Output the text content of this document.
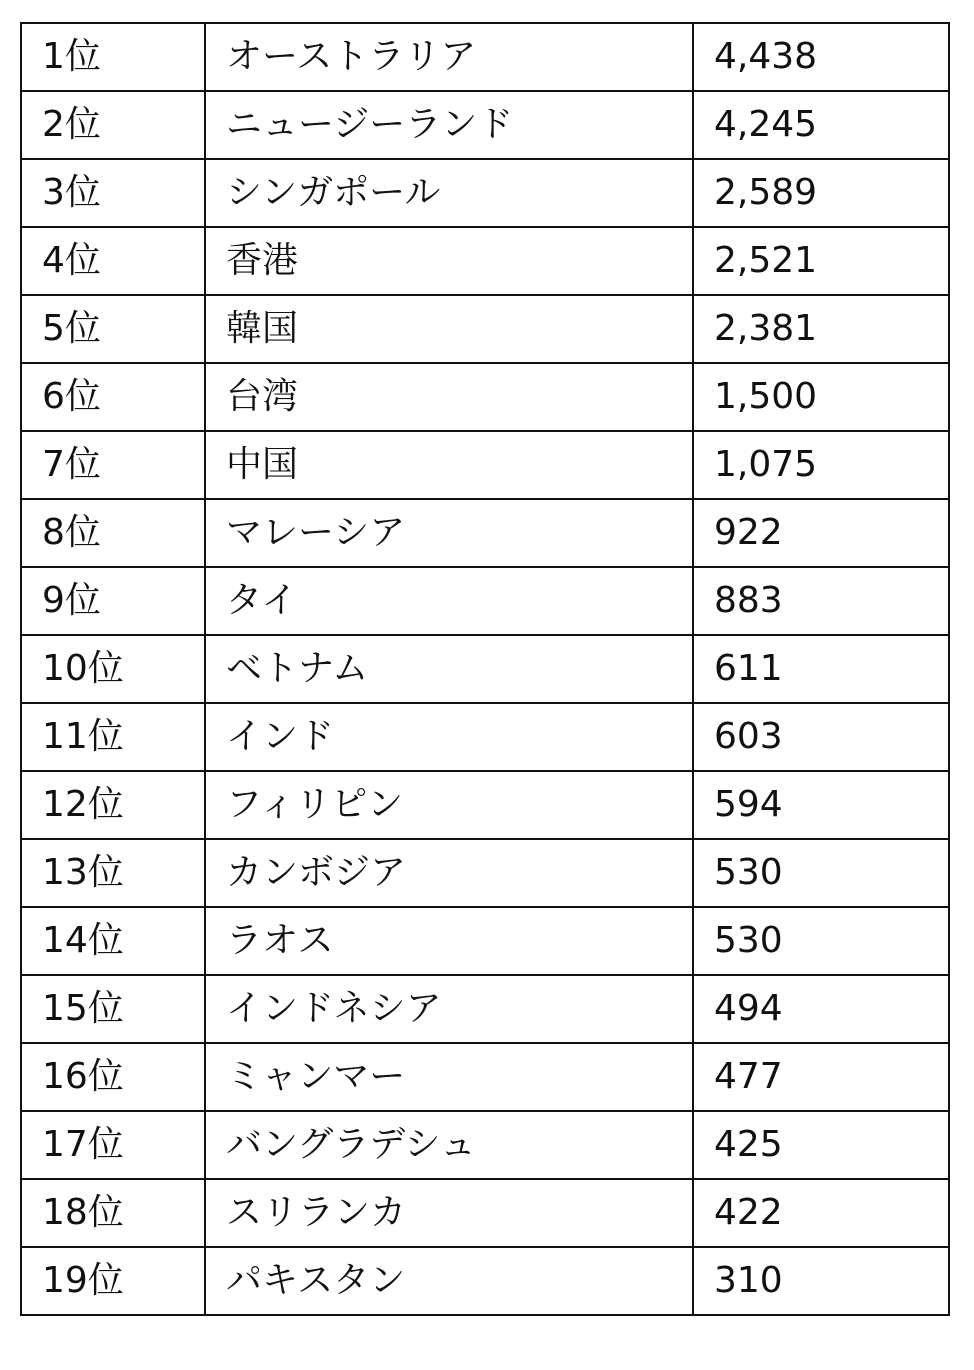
1位	オーストラリア	4,438
2位	ニュージーランド	4,245
3位	シンガポール	2,589
4位	香港	2,521
5位	韓国	2,381
6位	台湾	1,500
7位	中国	1,075
8位	マレーシア	922
9位	タイ	883
10位	ベトナム	611
11位	インド	603
12位	フィリピン	594
13位	カンボジア	530
14位	ラオス	530
15位	インドネシア	494
16位	ミャンマー	477
17位	バングラデシュ	425
18位	スリランカ	422
19位	パキスタン	310
